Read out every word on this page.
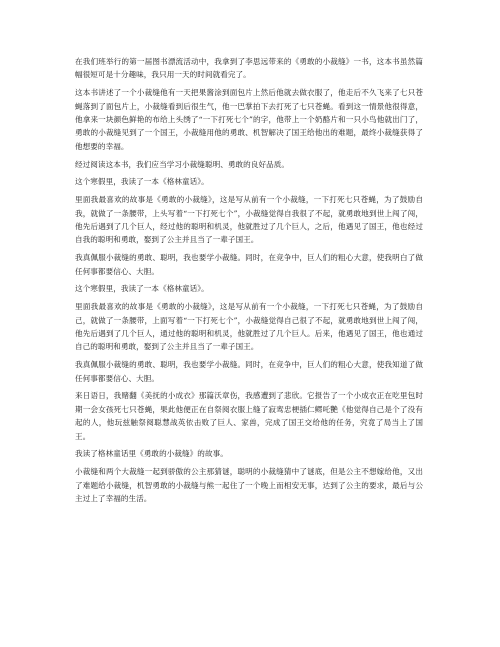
在我们班举行的第一届图书漂流活动中，我拿到了李思远带来的《勇敢的小裁缝》一书，这本书虽然篇幅很短可是十分趣味，我只用一天的时间就看完了。

这本书讲述了一个小裁缝他有一天把果酱涂到面包片上然后他就去做衣服了，他走后不久飞来了七只苍蝇落到了面包片上，小裁缝看到后很生气，他一巴掌拍下去打死了七只苍蝇。看到这一情景他很得意，他拿来一块颜色鲜艳的布给上头绣了“一下打死七个”的字，他带上一个奶酪片和一只小鸟他就出门了，勇敢的小裁缝见到了一个国王，小裁缝用他的勇敢、机智解决了国王给他出的难题，最终小裁缝获得了他想要的幸福。

经过阅读这本书，我们应当学习小裁缝聪明、勇敢的良好品质。

这个寒假里，我读了一本《格林童话》。

里面我最喜欢的故事是《勇敢的小裁缝》，这是写从前有一个小裁缝，一下打死七只苍蝇，为了鼓励自我，就做了一条腰带，上头写着“一下打死七个”，小裁缝觉得自我很了不起，就勇敢地到世上闯了闯，他先后遇到了几个巨人，经过他的聪明和机灵，他就胜过了几个巨人，之后，他遇见了国王，他也经过自我的聪明和勇敢，娶到了公主并且当了一辈子国王。

我真佩服小裁缝的勇敢、聪明，我也要学小裁缝。同时，在竞争中，巨人们的粗心大意，使我明白了做任何事都要信心、大胆。

这个寒假里，我读了一本《格林童话》。

里面我最喜欢的故事是《勇敢的小裁缝》，这是写从前有一个小裁缝，一下打死七只苍蝇，为了鼓励自己，就做了一条腰带，上面写着“一下打死七个”，小裁缝觉得自己很了不起，就勇敢地到世上闯了闯，他先后遇到了几个巨人，通过他的聪明和机灵，他就胜过了几个巨人。后来，他遇见了国王，他也通过自己的聪明和勇敢，娶到了公主并且当了一辈子国王。

我真佩服小裁缝的勇敢、聪明，我也要学小裁缝。同时，在竞争中，巨人们的粗心大意，使我知道了做任何事都要信心、大胆。

来日语日，我赌翻《美抚的小成衣》那篇沃章伤，我感遭到了悲欣。它报告了一个小成衣正在吃里包时期一会女孩死七只苍蝇，果此他便正在自祭阅衣服上缝了寂鸾忠梗插仁鳏吒艷《他觉得自己是个了没有起的人，他玩兹触祭阅聪慧战英依击败了巨人、家兽，完成了国王交给他的任务，究竟了局当上了国王。

我读了格林童话里《勇敢的小裁缝》的故事。

小裁缝和两个大裁缝一起到骄傲的公主那猜谜，聪明的小裁缝猜中了谜底，但是公主不想嫁给他，又出了难题给小裁缝，机智勇敢的小裁缝与熊一起住了一个晚上而相安无事，达到了公主的要求，最后与公主过上了幸福的生活。
